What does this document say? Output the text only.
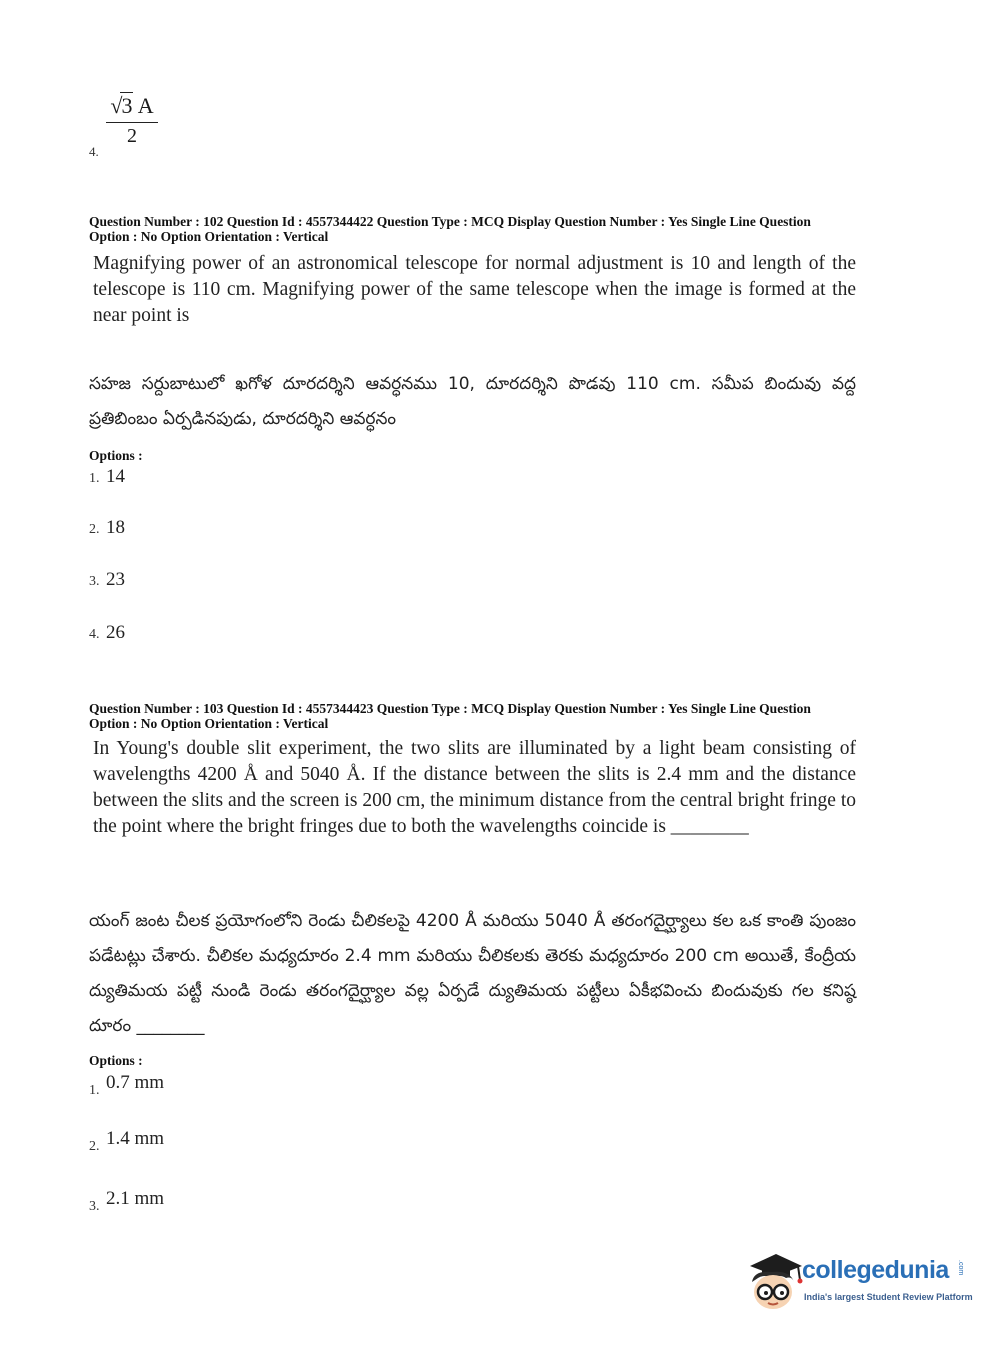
√3 A
2
4.
Question Number : 102 Question Id : 4557344422 Question Type : MCQ Display Question Number : Yes Single Line Question
Option : No Option Orientation : Vertical
Magnifying power of an astronomical telescope for normal adjustment is 10 and length of the telescope is 110 cm. Magnifying power of the same telescope when the image is formed at the near point is
సహజ సర్దుబాటులో ఖగోళ దూరదర్శిని ఆవర్ధనము 10, దూరదర్శిని పొడవు 110 cm. సమీప బిందువు వద్ద ప్రతిబింబం ఏర్పడినపుడు, దూరదర్శిని ఆవర్ధనం
Options :
1. 14
2. 18
3. 23
4. 26
Question Number : 103 Question Id : 4557344423 Question Type : MCQ Display Question Number : Yes Single Line Question
Option : No Option Orientation : Vertical
In Young's double slit experiment, the two slits are illuminated by a light beam consisting of wavelengths 4200 Å and 5040 Å. If the distance between the slits is 2.4 mm and the distance between the slits and the screen is 200 cm, the minimum distance from the central bright fringe to the point where the bright fringes due to both the wavelengths coincide is ________
యంగ్ జంట చీలక ప్రయోగంలోని రెండు చీలికలపై 4200 Å మరియు 5040 Å తరంగదైర్ఘ్యాలు కల ఒక కాంతి పుంజం పడేటట్లు చేశారు. చీలికల మధ్యదూరం 2.4 mm మరియు చీలికలకు తెరకు మధ్యదూరం 200 cm అయితే, కేంద్రీయ ద్యుతిమయ పట్టీ నుండి రెండు తరంగదైర్ఘ్యాల వల్ల ఏర్పడే ద్యుతిమయ పట్టీలు ఏకీభవించు బిందువుకు గల కనిష్ఠ దూరం ________
Options :
1. 0.7 mm
2. 1.4 mm
3. 2.1 mm
collegedunia .com
India's largest Student Review Platform
